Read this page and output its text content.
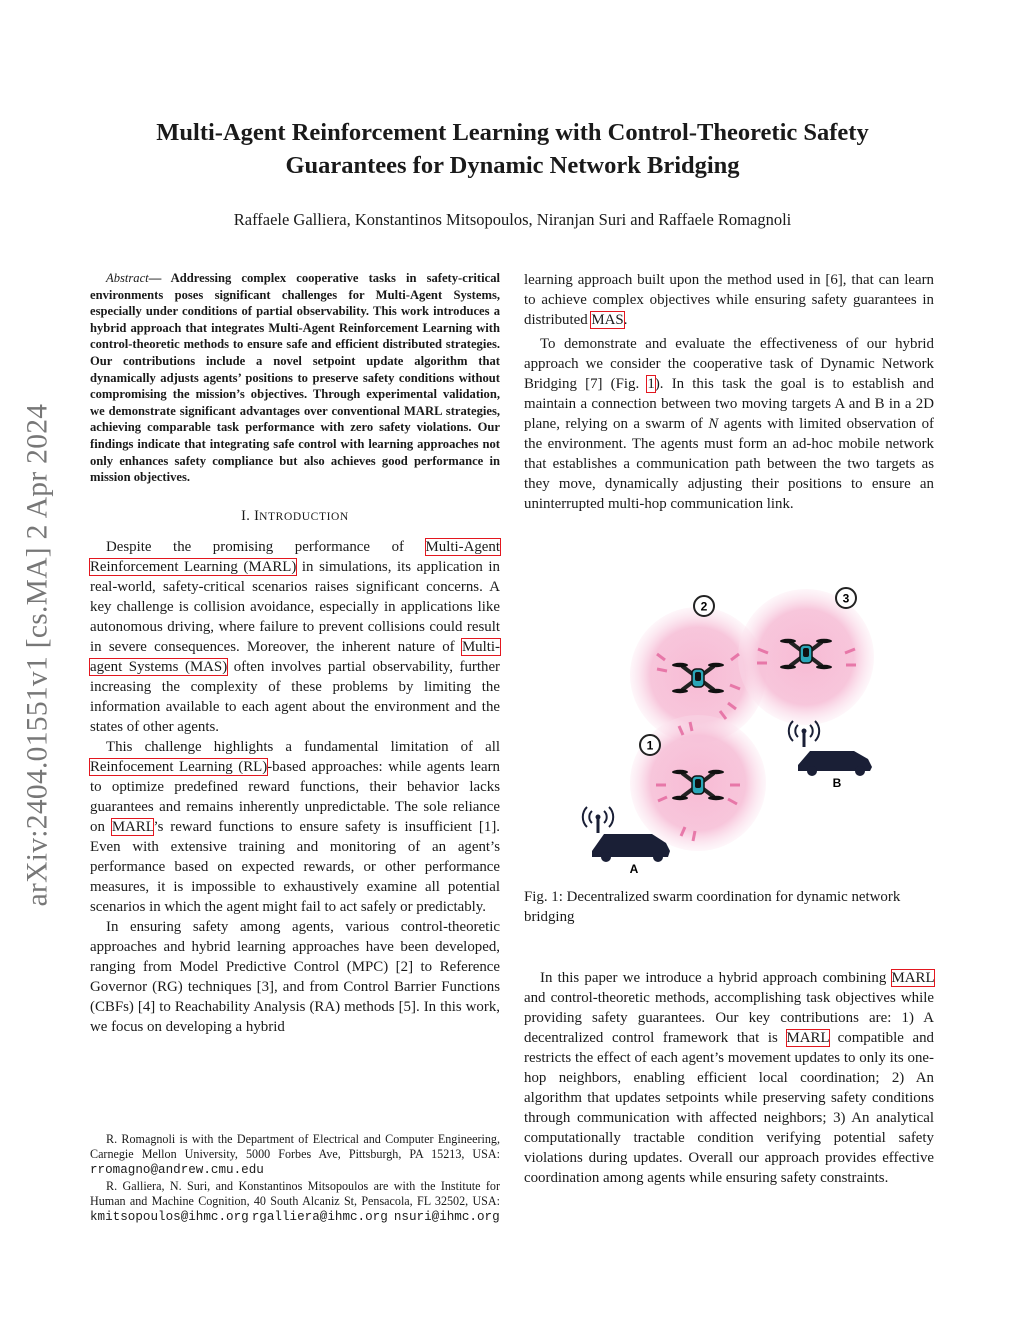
arXiv:2404.01551v1 [cs.MA] 2 Apr 2024
Multi-Agent Reinforcement Learning with Control-Theoretic Safety
Guarantees for Dynamic Network Bridging
Raffaele Galliera, Konstantinos Mitsopoulos, Niranjan Suri and Raffaele Romagnoli

Abstract— Addressing complex cooperative tasks in safety-critical environments poses significant challenges for Multi-Agent Systems, especially under conditions of partial observability. This work introduces a hybrid approach that integrates Multi-Agent Reinforcement Learning with control-theoretic methods to ensure safe and efficient distributed strategies. Our contributions include a novel setpoint update algorithm that dynamically adjusts agents’ positions to preserve safety conditions without compromising the mission’s objectives. Through experimental validation, we demonstrate significant advantages over conventional MARL strategies, achieving comparable task performance with zero safety violations. Our findings indicate that integrating safe control with learning approaches not only enhances safety compliance but also achieves good performance in mission objectives.

I. INTRODUCTION

Despite the promising performance of Multi-Agent Reinforcement Learning (MARL) in simulations, its application in real-world, safety-critical scenarios raises significant concerns. A key challenge is collision avoidance, especially in applications like autonomous driving, where failure to prevent collisions could result in severe consequences. Moreover, the inherent nature of Multi-agent Systems (MAS) often involves partial observability, further increasing the complexity of these problems by limiting the information available to each agent about the environment and the states of other agents.

This challenge highlights a fundamental limitation of all Reinfocement Learning (RL)-based approaches: while agents learn to optimize predefined reward functions, their behavior lacks guarantees and remains inherently unpredictable. The sole reliance on MARL’s reward functions to ensure safety is insufficient [1]. Even with extensive training and monitoring of an agent’s performance based on expected rewards, or other performance measures, it is impossible to exhaustively examine all potential scenarios in which the agent might fail to act safely or predictably.

In ensuring safety among agents, various control-theoretic approaches and hybrid learning approaches have been developed, ranging from Model Predictive Control (MPC) [2] to Reference Governor (RG) techniques [3], and from Control Barrier Functions (CBFs) [4] to Reachability Analysis (RA) methods [5]. In this work, we focus on developing a hybrid

R. Romagnoli is with the Department of Electrical and Computer Engineering, Carnegie Mellon University, 5000 Forbes Ave, Pittsburgh, PA 15213, USA: rromagno@andrew.cmu.edu

R. Galliera, N. Suri, and Konstantinos Mitsopoulos are with the Institute for Human and Machine Cognition, 40 South Alcaniz St, Pensacola, FL 32502, USA: kmitsopoulos@ihmc.org rgalliera@ihmc.org nsuri@ihmc.org

learning approach built upon the method used in [6], that can learn to achieve complex objectives while ensuring safety guarantees in distributed MAS.

To demonstrate and evaluate the effectiveness of our hybrid approach we consider the cooperative task of Dynamic Network Bridging [7] (Fig. 1). In this task the goal is to establish and maintain a connection between two moving targets A and B in a 2D plane, relying on a swarm of N agents with limited observation of the environment. The agents must form an ad-hoc mobile network that establishes a communication path between the two targets as they move, dynamically adjusting their positions to ensure an uninterrupted multi-hop communication link.

1
2
3
B
A
Fig. 1: Decentralized swarm coordination for dynamic network bridging

In this paper we introduce a hybrid approach combining MARL and control-theoretic methods, accomplishing task objectives while providing safety guarantees. Our key contributions are: 1) A decentralized control framework that is MARL compatible and restricts the effect of each agent’s movement updates to only its one-hop neighbors, enabling efficient local coordination; 2) An algorithm that updates setpoints while preserving safety conditions through communication with affected neighbors; 3) An analytical computationally tractable condition verifying potential safety violations during updates. Overall our approach provides effective coordination among agents while ensuring safety constraints.
